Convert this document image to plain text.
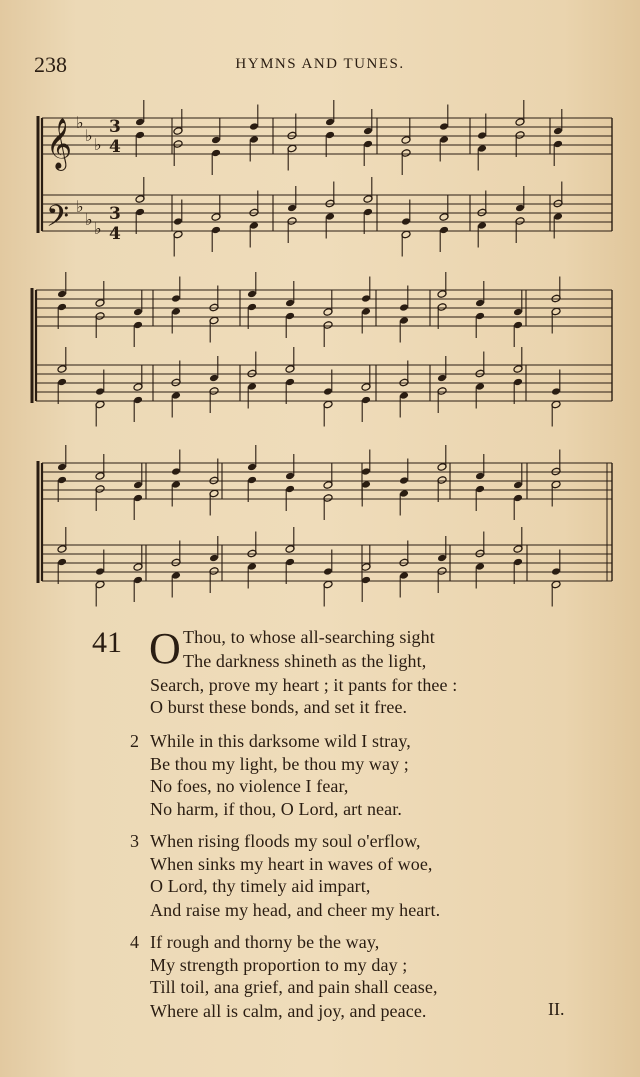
238	HYMNS AND TUNES.
3
4
3
4
𝄞
𝄢
♭
♭ ♭
♭
♭ ♭
41 O Thou, to whose all-searching sight
The darkness shineth as the light,
Search, prove my heart ; it pants for thee :
O burst these bonds, and set it free.
2 While in this darksome wild I stray,
Be thou my light, be thou my way ;
No foes, no violence I fear,
No harm, if thou, O Lord, art near.
3 When rising floods my soul o'erflow,
When sinks my heart in waves of woe,
O Lord, thy timely aid impart,
And raise my head, and cheer my heart.
4 If rough and thorny be the way,
My strength proportion to my day ;
Till toil, ana grief, and pain shall cease,
Where all is calm, and joy, and peace.	II.
